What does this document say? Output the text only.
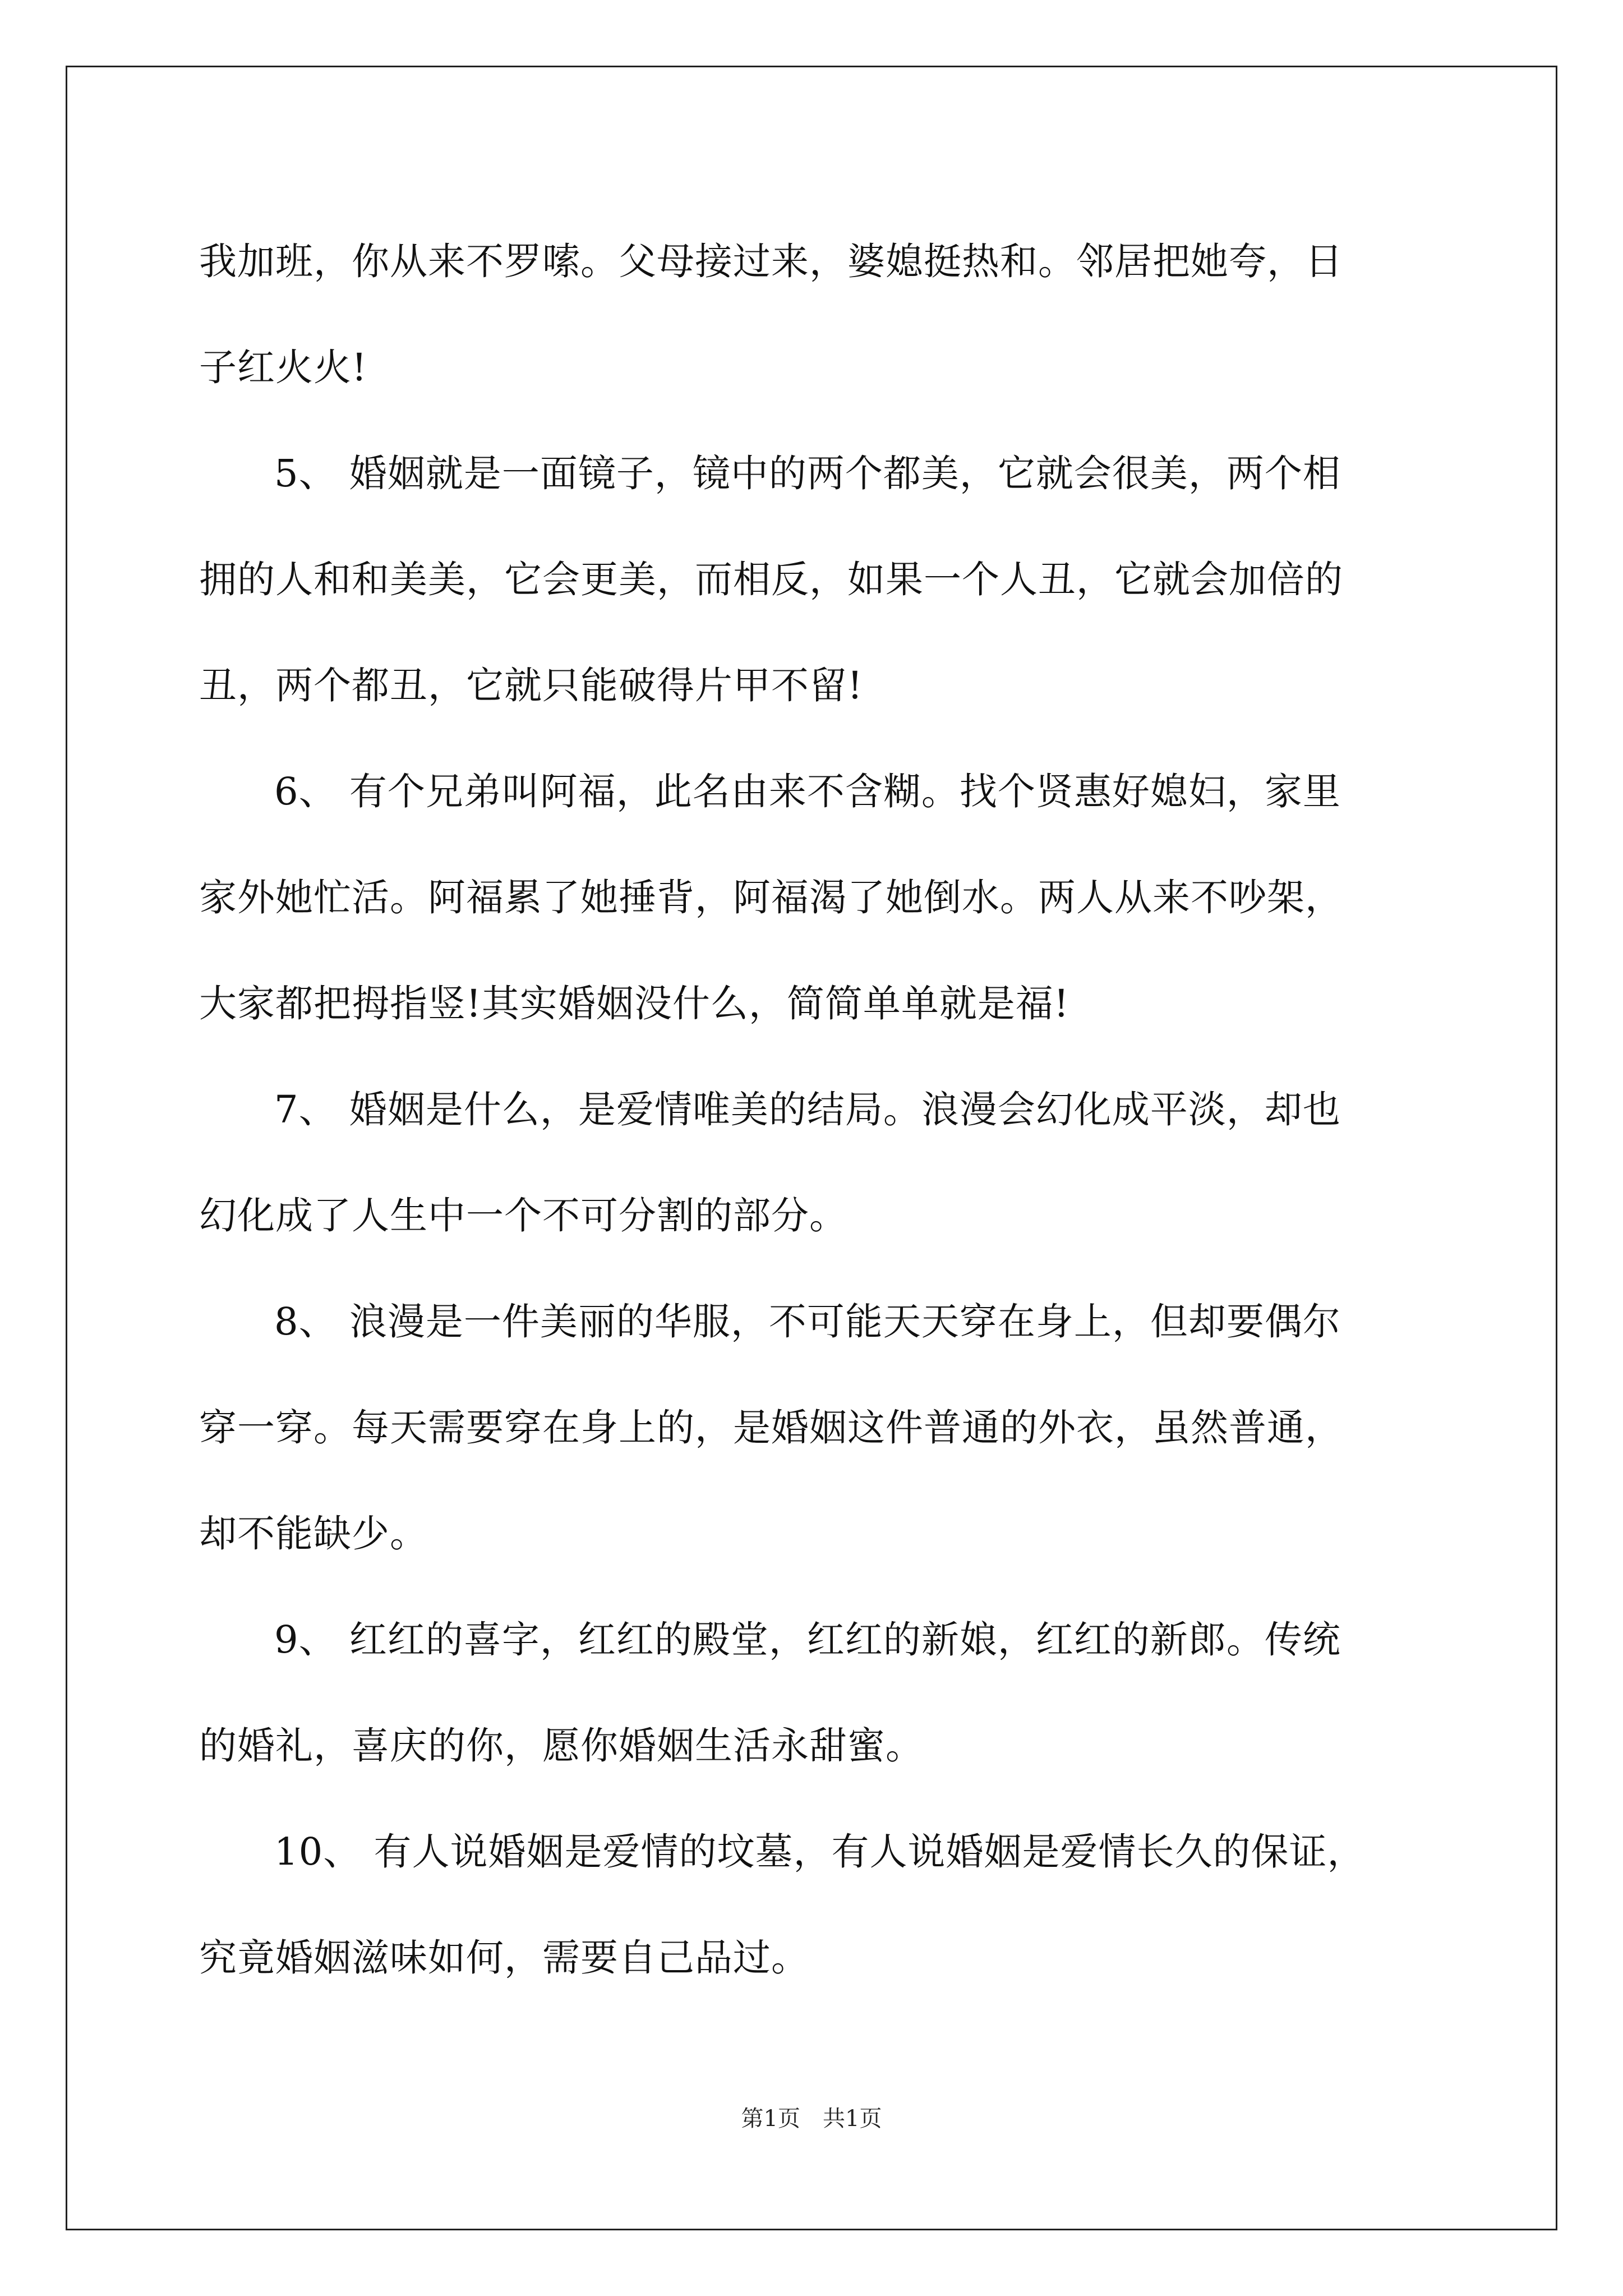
我加班，你从来不罗嗦。父母接过来，婆媳挺热和。邻居把她夸，日

子红火火!

5、 婚姻就是一面镜子，镜中的两个都美，它就会很美，两个相

拥的人和和美美，它会更美，而相反，如果一个人丑，它就会加倍的

丑，两个都丑，它就只能破得片甲不留!

6、 有个兄弟叫阿福，此名由来不含糊。找个贤惠好媳妇，家里

家外她忙活。阿福累了她捶背，阿福渴了她倒水。两人从来不吵架，

大家都把拇指竖!其实婚姻没什么，简简单单就是福!

7、 婚姻是什么，是爱情唯美的结局。浪漫会幻化成平淡，却也

幻化成了人生中一个不可分割的部分。

8、 浪漫是一件美丽的华服，不可能天天穿在身上，但却要偶尔

穿一穿。每天需要穿在身上的，是婚姻这件普通的外衣，虽然普通，

却不能缺少。

9、 红红的喜字，红红的殿堂，红红的新娘，红红的新郎。传统

的婚礼，喜庆的你，愿你婚姻生活永甜蜜。

10、 有人说婚姻是爱情的坟墓，有人说婚姻是爱情长久的保证，

究竟婚姻滋味如何，需要自己品过。

第1页 共1页
